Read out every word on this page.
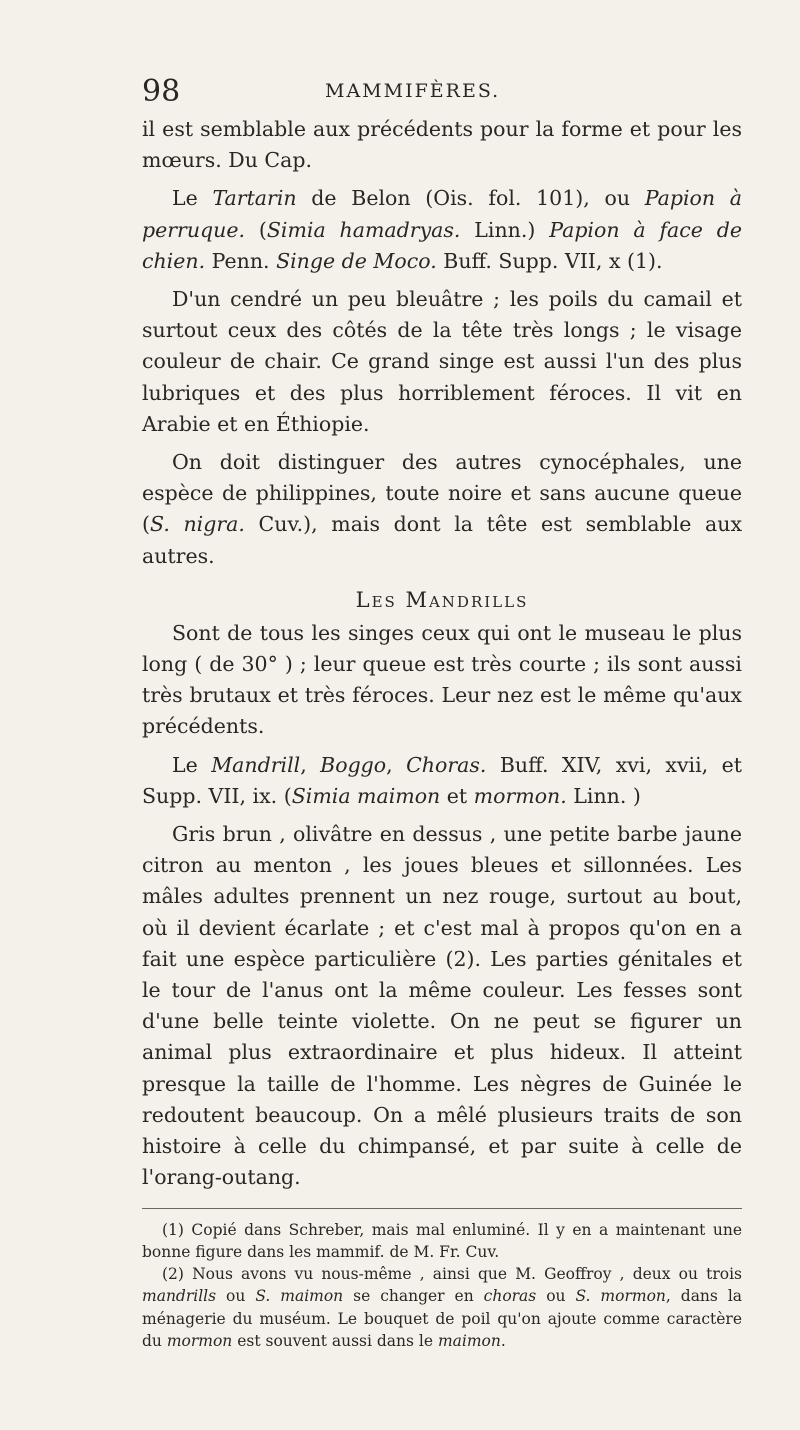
98	MAMMIFÈRES.

il est semblable aux précédents pour la forme et pour les mœurs. Du Cap.

Le Tartarin de Belon (Ois. fol. 101), ou Papion à perruque. (Simia hamadryas. Linn.) Papion à face de chien. Penn. Singe de Moco. Buff. Supp. VII, x (1).

D'un cendré un peu bleuâtre ; les poils du camail et surtout ceux des côtés de la tête très longs ; le visage couleur de chair. Ce grand singe est aussi l'un des plus lubriques et des plus horriblement féroces. Il vit en Arabie et en Éthiopie.

On doit distinguer des autres cynocéphales, une espèce de philippines, toute noire et sans aucune queue (S. nigra. Cuv.), mais dont la tête est semblable aux autres.

Les Mandrills

Sont de tous les singes ceux qui ont le museau le plus long ( de 30° ) ; leur queue est très courte ; ils sont aussi très brutaux et très féroces. Leur nez est le même qu'aux précédents.

Le Mandrill, Boggo, Choras. Buff. XIV, xvi, xvii, et Supp. VII, ix. (Simia maimon et mormon. Linn. )

Gris brun , olivâtre en dessus , une petite barbe jaune citron au menton , les joues bleues et sillonnées. Les mâles adultes prennent un nez rouge, surtout au bout, où il devient écarlate ; et c'est mal à propos qu'on en a fait une espèce particulière (2). Les parties génitales et le tour de l'anus ont la même couleur. Les fesses sont d'une belle teinte violette. On ne peut se figurer un animal plus extraordinaire et plus hideux. Il atteint presque la taille de l'homme. Les nègres de Guinée le redoutent beaucoup. On a mêlé plusieurs traits de son histoire à celle du chimpansé, et par suite à celle de l'orang-outang.

(1) Copié dans Schreber, mais mal enluminé. Il y en a maintenant une bonne figure dans les mammif. de M. Fr. Cuv.

(2) Nous avons vu nous-même , ainsi que M. Geoffroy , deux ou trois mandrills ou S. maimon se changer en choras ou S. mormon, dans la ménagerie du muséum. Le bouquet de poil qu'on ajoute comme caractère du mormon est souvent aussi dans le maimon.
